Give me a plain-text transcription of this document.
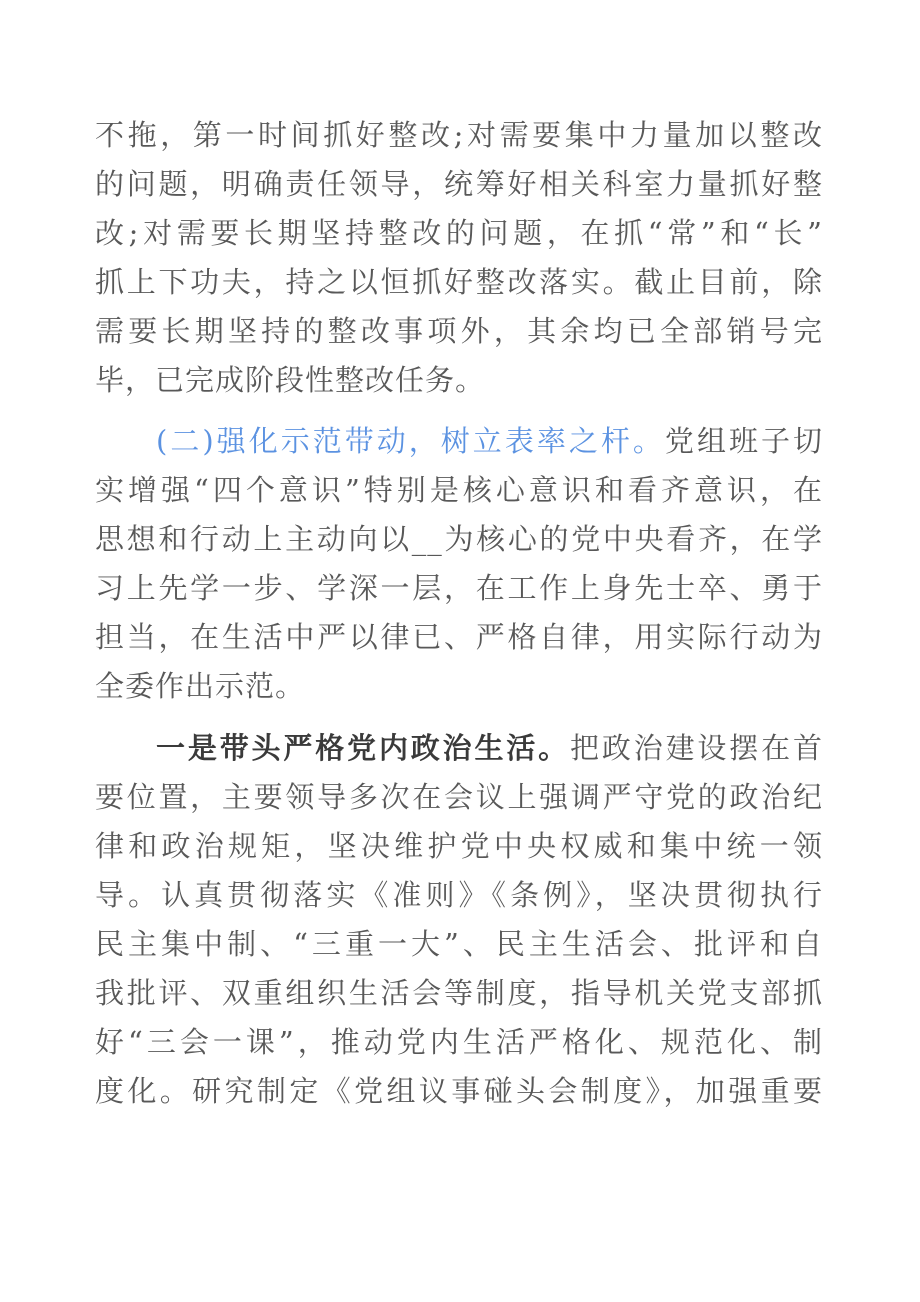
不拖，第一时间抓好整改;对需要集中力量加以整改
的问题，明确责任领导，统筹好相关科室力量抓好整
改;对需要长期坚持整改的问题，在抓“常”和“长”
抓上下功夫，持之以恒抓好整改落实。截止目前，除
需要长期坚持的整改事项外，其余均已全部销号完
毕，已完成阶段性整改任务。
(二)强化示范带动，树立表率之杆。党组班子切
实增强“四个意识”特别是核心意识和看齐意识，在
思想和行动上主动向以__为核心的党中央看齐，在学
习上先学一步、学深一层，在工作上身先士卒、勇于
担当，在生活中严以律已、严格自律，用实际行动为
全委作出示范。
一是带头严格党内政治生活。把政治建设摆在首
要位置，主要领导多次在会议上强调严守党的政治纪
律和政治规矩，坚决维护党中央权威和集中统一领
导。认真贯彻落实《准则》《条例》，坚决贯彻执行
民主集中制、“三重一大”、民主生活会、批评和自
我批评、双重组织生活会等制度，指导机关党支部抓
好“三会一课”，推动党内生活严格化、规范化、制
度化。研究制定《党组议事碰头会制度》，加强重要
